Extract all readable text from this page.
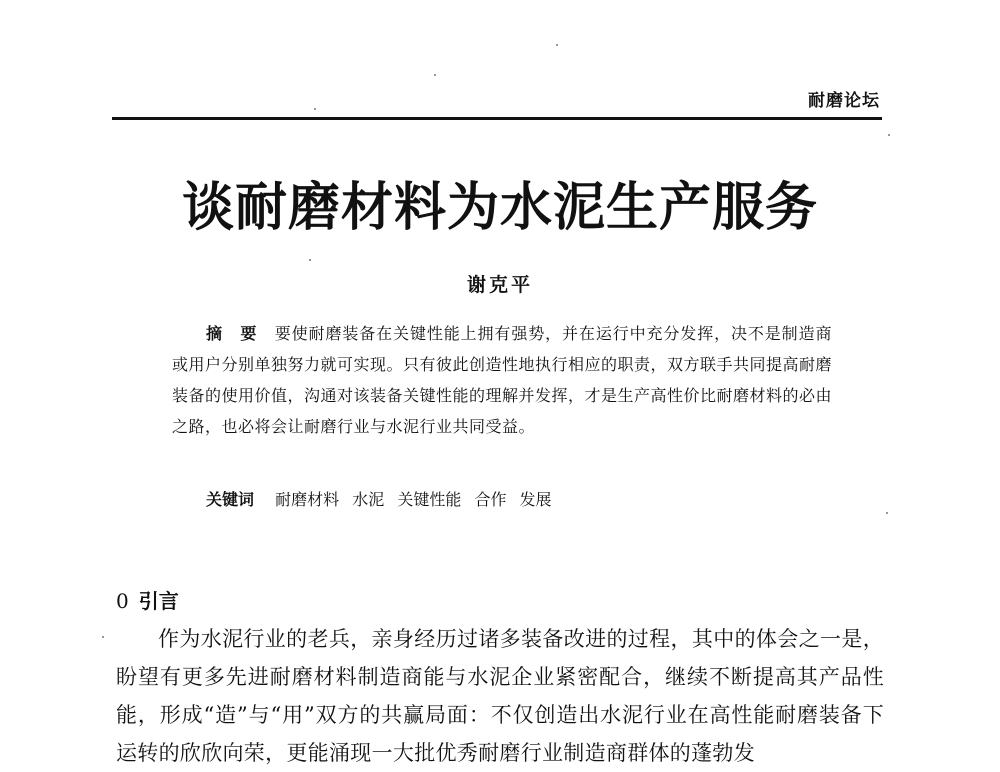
耐磨论坛
谈耐磨材料为水泥生产服务
谢克平
摘 要 要使耐磨装备在关键性能上拥有强势，并在运行中充分发挥，决不是制造商或用户分别单独努力就可实现。只有彼此创造性地执行相应的职责，双方联手共同提高耐磨装备的使用价值，沟通对该装备关键性能的理解并发挥，才是生产高性价比耐磨材料的必由之路，也必将会让耐磨行业与水泥行业共同受益。
关键词 耐磨材料 水泥 关键性能 合作 发展
0 引言
作为水泥行业的老兵，亲身经历过诸多装备改进的过程，其中的体会之一是，盼望有更多先进耐磨材料制造商能与水泥企业紧密配合，继续不断提高其产品性能，形成“造”与“用”双方的共赢局面：不仅创造出水泥行业在高性能耐磨装备下运转的欣欣向荣，更能涌现一大批优秀耐磨行业制造商群体的蓬勃发
